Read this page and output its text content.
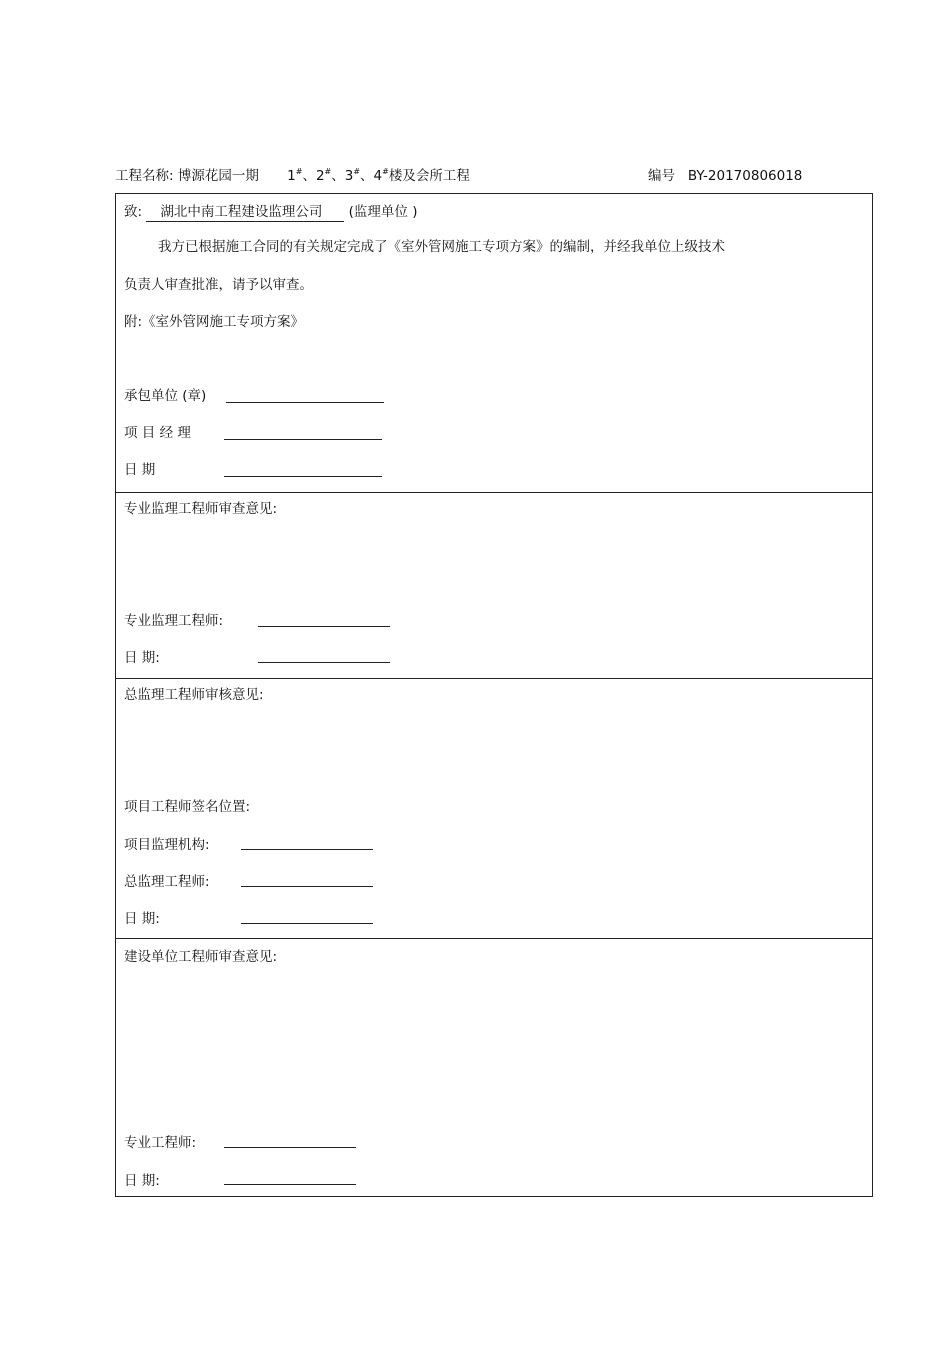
工程名称: 博源花园一期 1#、2#、3#、4#楼及会所工程	编号 BY-20170806018
致: 湖北中南工程建设监理公司 (监理单位 )
我方已根据施工合同的有关规定完成了《室外管网施工专项方案》的编制，并经我单位上级技术
负责人审查批准，请予以审查。
附:《室外管网施工专项方案》
承包单位 (章)
项 目 经 理
日 期
专业监理工程师审查意见:
专业监理工程师:
日 期:
总监理工程师审核意见:
项目工程师签名位置:
项目监理机构:
总监理工程师:
日 期:
建设单位工程师审查意见:
专业工程师:
日 期:
